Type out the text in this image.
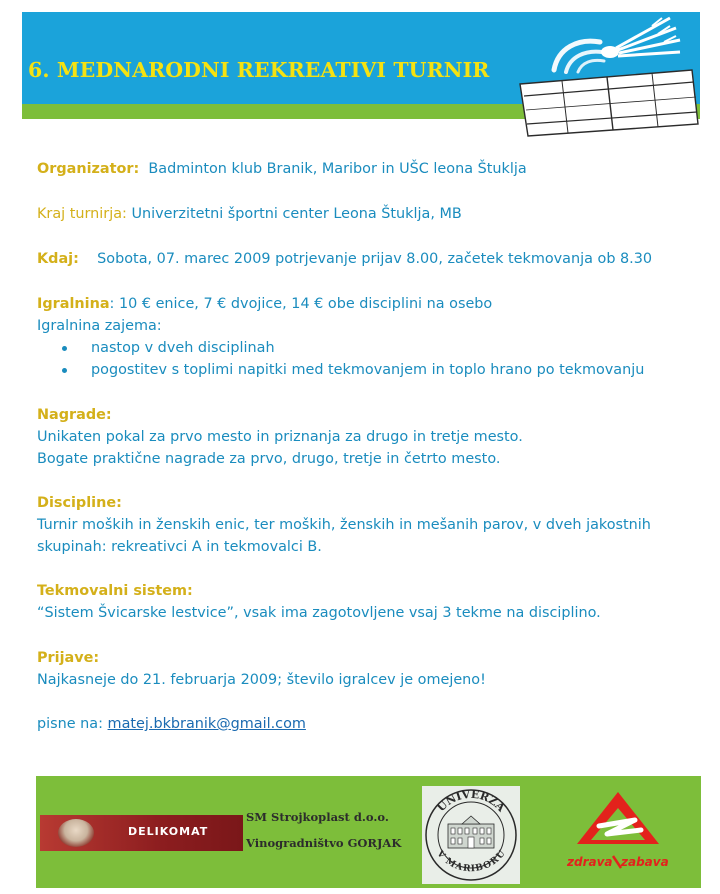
6. MEDNARODNI REKREATIVI TURNIR
Organizator: Badminton klub Branik, Maribor in UŠC leona Štuklja
Kraj turnirja: Univerzitetni športni center Leona Štuklja, MB
Kdaj: Sobota, 07. marec 2009 potrjevanje prijav 8.00, začetek tekmovanja ob 8.30
Igralnina: 10 € enice, 7 € dvojice, 14 € obe disciplini na osebo
Igralnina zajema:
nastop v dveh disciplinah
pogostitev s toplimi napitki med tekmovanjem in toplo hrano po tekmovanju
Nagrade:
Unikaten pokal za prvo mesto in priznanja za drugo in tretje mesto.
Bogate praktične nagrade za prvo, drugo, tretje in četrto mesto.
Discipline:
Turnir moških in ženskih enic, ter moških, ženskih in mešanih parov, v dveh jakostnih
skupinah: rekreativci A in tekmovalci B.
Tekmovalni sistem:
“Sistem Švicarske lestvice”, vsak ima zagotovljene vsaj 3 tekme na disciplino.
Prijave:
Najkasneje do 21. februarja 2009; število igralcev je omejeno!
pisne na: matej.bkbranik@gmail.com
DELIKOMAT
SM Strojkoplast d.o.o.
Vinogradništvo GORJAK
UNIVERZA
V MARIBORU	zdrava zabava
